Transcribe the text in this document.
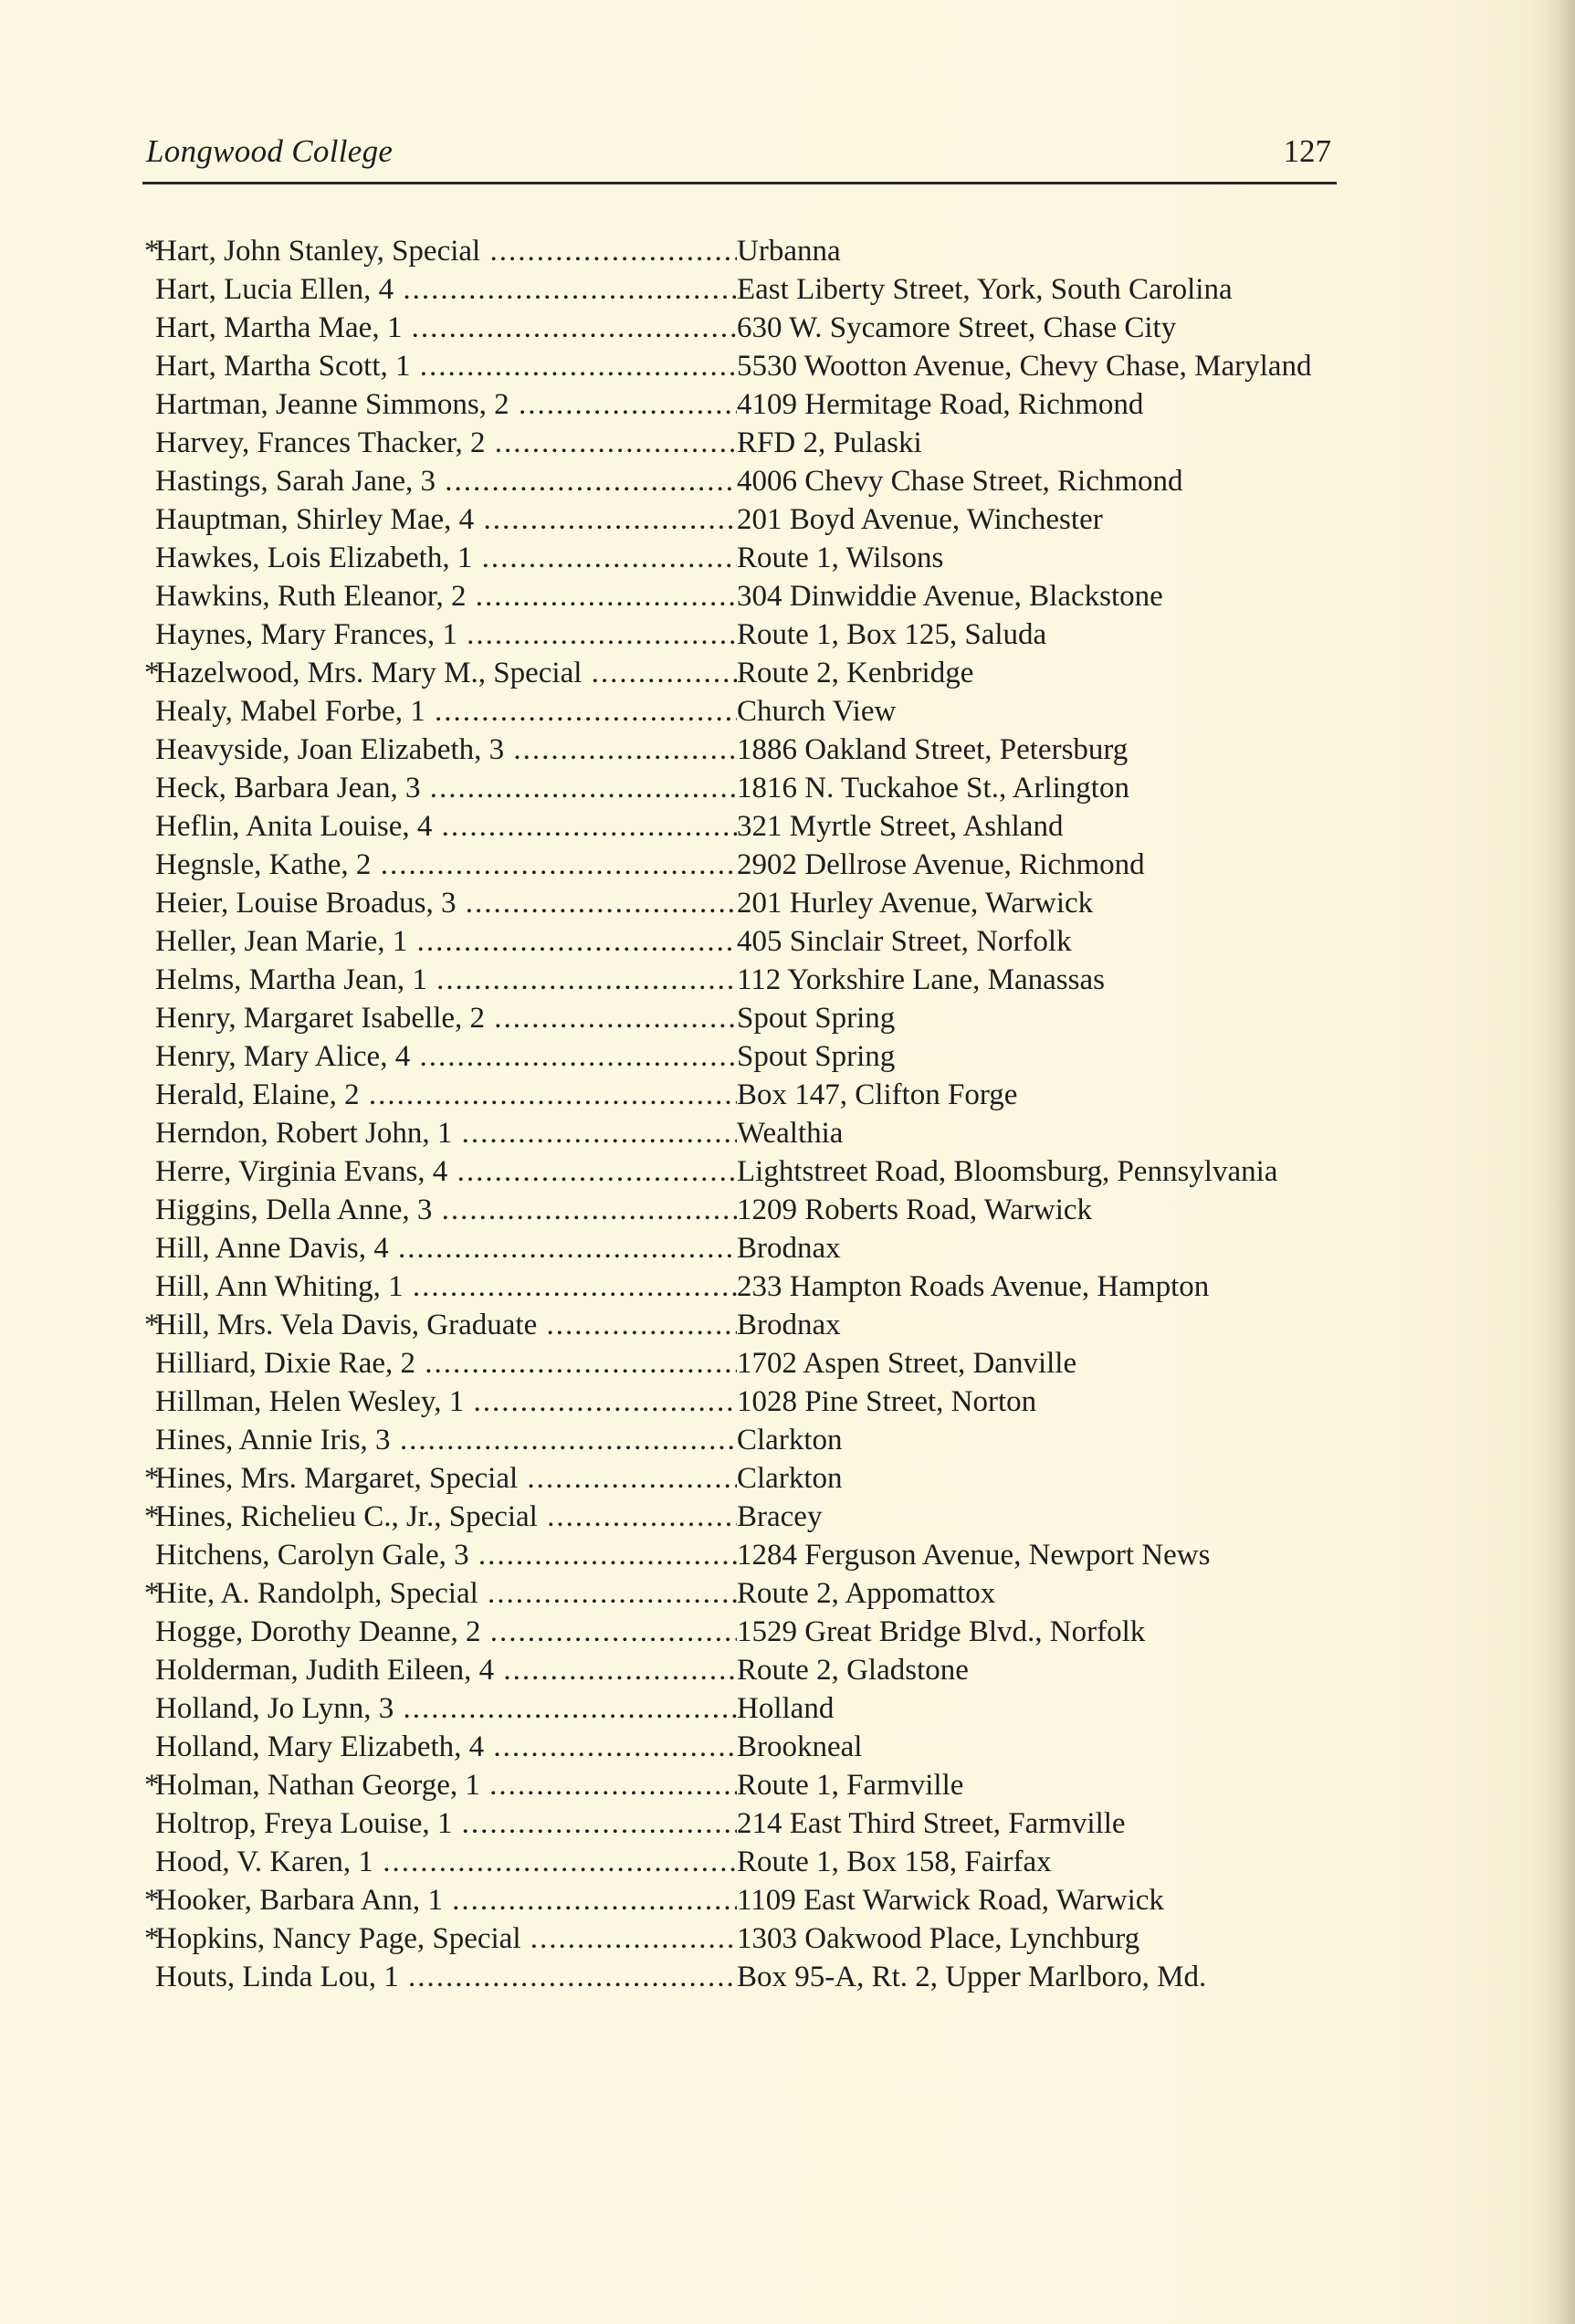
Longwood College	127
*
Hart, John Stanley, Special .....	Urbanna
Hart, Lucia Ellen, 4 .....	East Liberty Street, York, South Carolina
Hart, Martha Mae, 1 .....	630 W. Sycamore Street, Chase City
Hart, Martha Scott, 1 .....	5530 Wootton Avenue, Chevy Chase, Maryland
Hartman, Jeanne Simmons, 2 .....	4109 Hermitage Road, Richmond
Harvey, Frances Thacker, 2 .....	RFD 2, Pulaski
Hastings, Sarah Jane, 3 .....	4006 Chevy Chase Street, Richmond
Hauptman, Shirley Mae, 4 .....	201 Boyd Avenue, Winchester
Hawkes, Lois Elizabeth, 1 .....	Route 1, Wilsons
Hawkins, Ruth Eleanor, 2 .....	304 Dinwiddie Avenue, Blackstone
Haynes, Mary Frances, 1 .....	Route 1, Box 125, Saluda
*
Hazelwood, Mrs. Mary M., Special .....	Route 2, Kenbridge
Healy, Mabel Forbe, 1 .....	Church View
Heavyside, Joan Elizabeth, 3 .....	1886 Oakland Street, Petersburg
Heck, Barbara Jean, 3 .....	1816 N. Tuckahoe St., Arlington
Heflin, Anita Louise, 4 .....	321 Myrtle Street, Ashland
Hegnsle, Kathe, 2 .....	2902 Dellrose Avenue, Richmond
Heier, Louise Broadus, 3 .....	201 Hurley Avenue, Warwick
Heller, Jean Marie, 1 .....	405 Sinclair Street, Norfolk
Helms, Martha Jean, 1 .....	112 Yorkshire Lane, Manassas
Henry, Margaret Isabelle, 2 .....	Spout Spring
Henry, Mary Alice, 4 .....	Spout Spring
Herald, Elaine, 2 .....	Box 147, Clifton Forge
Herndon, Robert John, 1 .....	Wealthia
Herre, Virginia Evans, 4 .....	Lightstreet Road, Bloomsburg, Pennsylvania
Higgins, Della Anne, 3 .....	1209 Roberts Road, Warwick
Hill, Anne Davis, 4 .....	Brodnax
Hill, Ann Whiting, 1 .....	233 Hampton Roads Avenue, Hampton
*
Hill, Mrs. Vela Davis, Graduate .....	Brodnax
Hilliard, Dixie Rae, 2 .....	1702 Aspen Street, Danville
Hillman, Helen Wesley, 1 .....	1028 Pine Street, Norton
Hines, Annie Iris, 3 .....	Clarkton
*
Hines, Mrs. Margaret, Special .....	Clarkton
*
Hines, Richelieu C., Jr., Special .....	Bracey
Hitchens, Carolyn Gale, 3 .....	1284 Ferguson Avenue, Newport News
*
Hite, A. Randolph, Special .....	Route 2, Appomattox
Hogge, Dorothy Deanne, 2 .....	1529 Great Bridge Blvd., Norfolk
Holderman, Judith Eileen, 4 .....	Route 2, Gladstone
Holland, Jo Lynn, 3 .....	Holland
Holland, Mary Elizabeth, 4 .....	Brookneal
*
Holman, Nathan George, 1 .....	Route 1, Farmville
Holtrop, Freya Louise, 1 .....	214 East Third Street, Farmville
Hood, V. Karen, 1 .....	Route 1, Box 158, Fairfax
*
Hooker, Barbara Ann, 1 .....	1109 East Warwick Road, Warwick
*
Hopkins, Nancy Page, Special .....	1303 Oakwood Place, Lynchburg
Houts, Linda Lou, 1 .....	Box 95-A, Rt. 2, Upper Marlboro, Md.
